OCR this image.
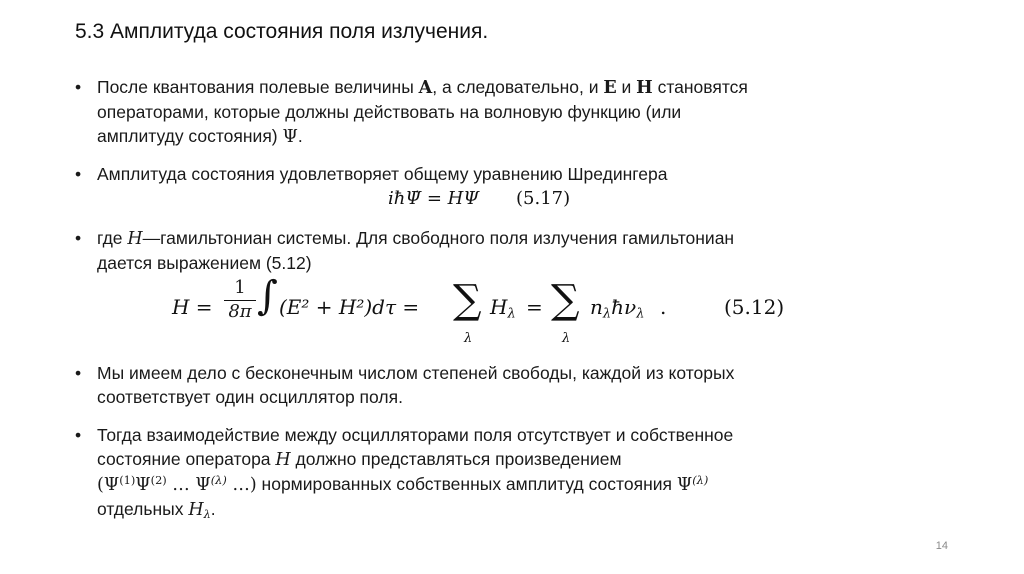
5.3 Амплитуда состояния поля излучения.
• После квантования полевые величины A, а следовательно, и E и H становятся
операторами, которые должны действовать на волновую функцию (или
амплитуду состояния) Ψ.
• Амплитуда состояния удовлетворяет общему уравнению Шредингера
iħΨ̇ = HΨ (5.17)
• где H—гамильтониан системы. Для свободного поля излучения гамильтониан
дается выражением (5.12)
H =
1
8π ∫ (E² + H²)dτ = ∑
λ
$H_\lambda$ = ∑
λ
$n_\lambda ħ\nu_\lambda$ .	(5.12)
• Мы имеем дело с бесконечным числом степеней свободы, каждой из которых
соответствует один осциллятор поля.
• Тогда взаимодействие между осцилляторами поля отсутствует и собственное
состояние оператора H должно представляться произведением
($\Psi^{(1)}\Psi^{(2)}$ … $\Psi^{(\lambda)}$ …) нормированных собственных амплитуд состояния $\Psi^{(\lambda)}$
отдельных $H_\lambda$.
14
